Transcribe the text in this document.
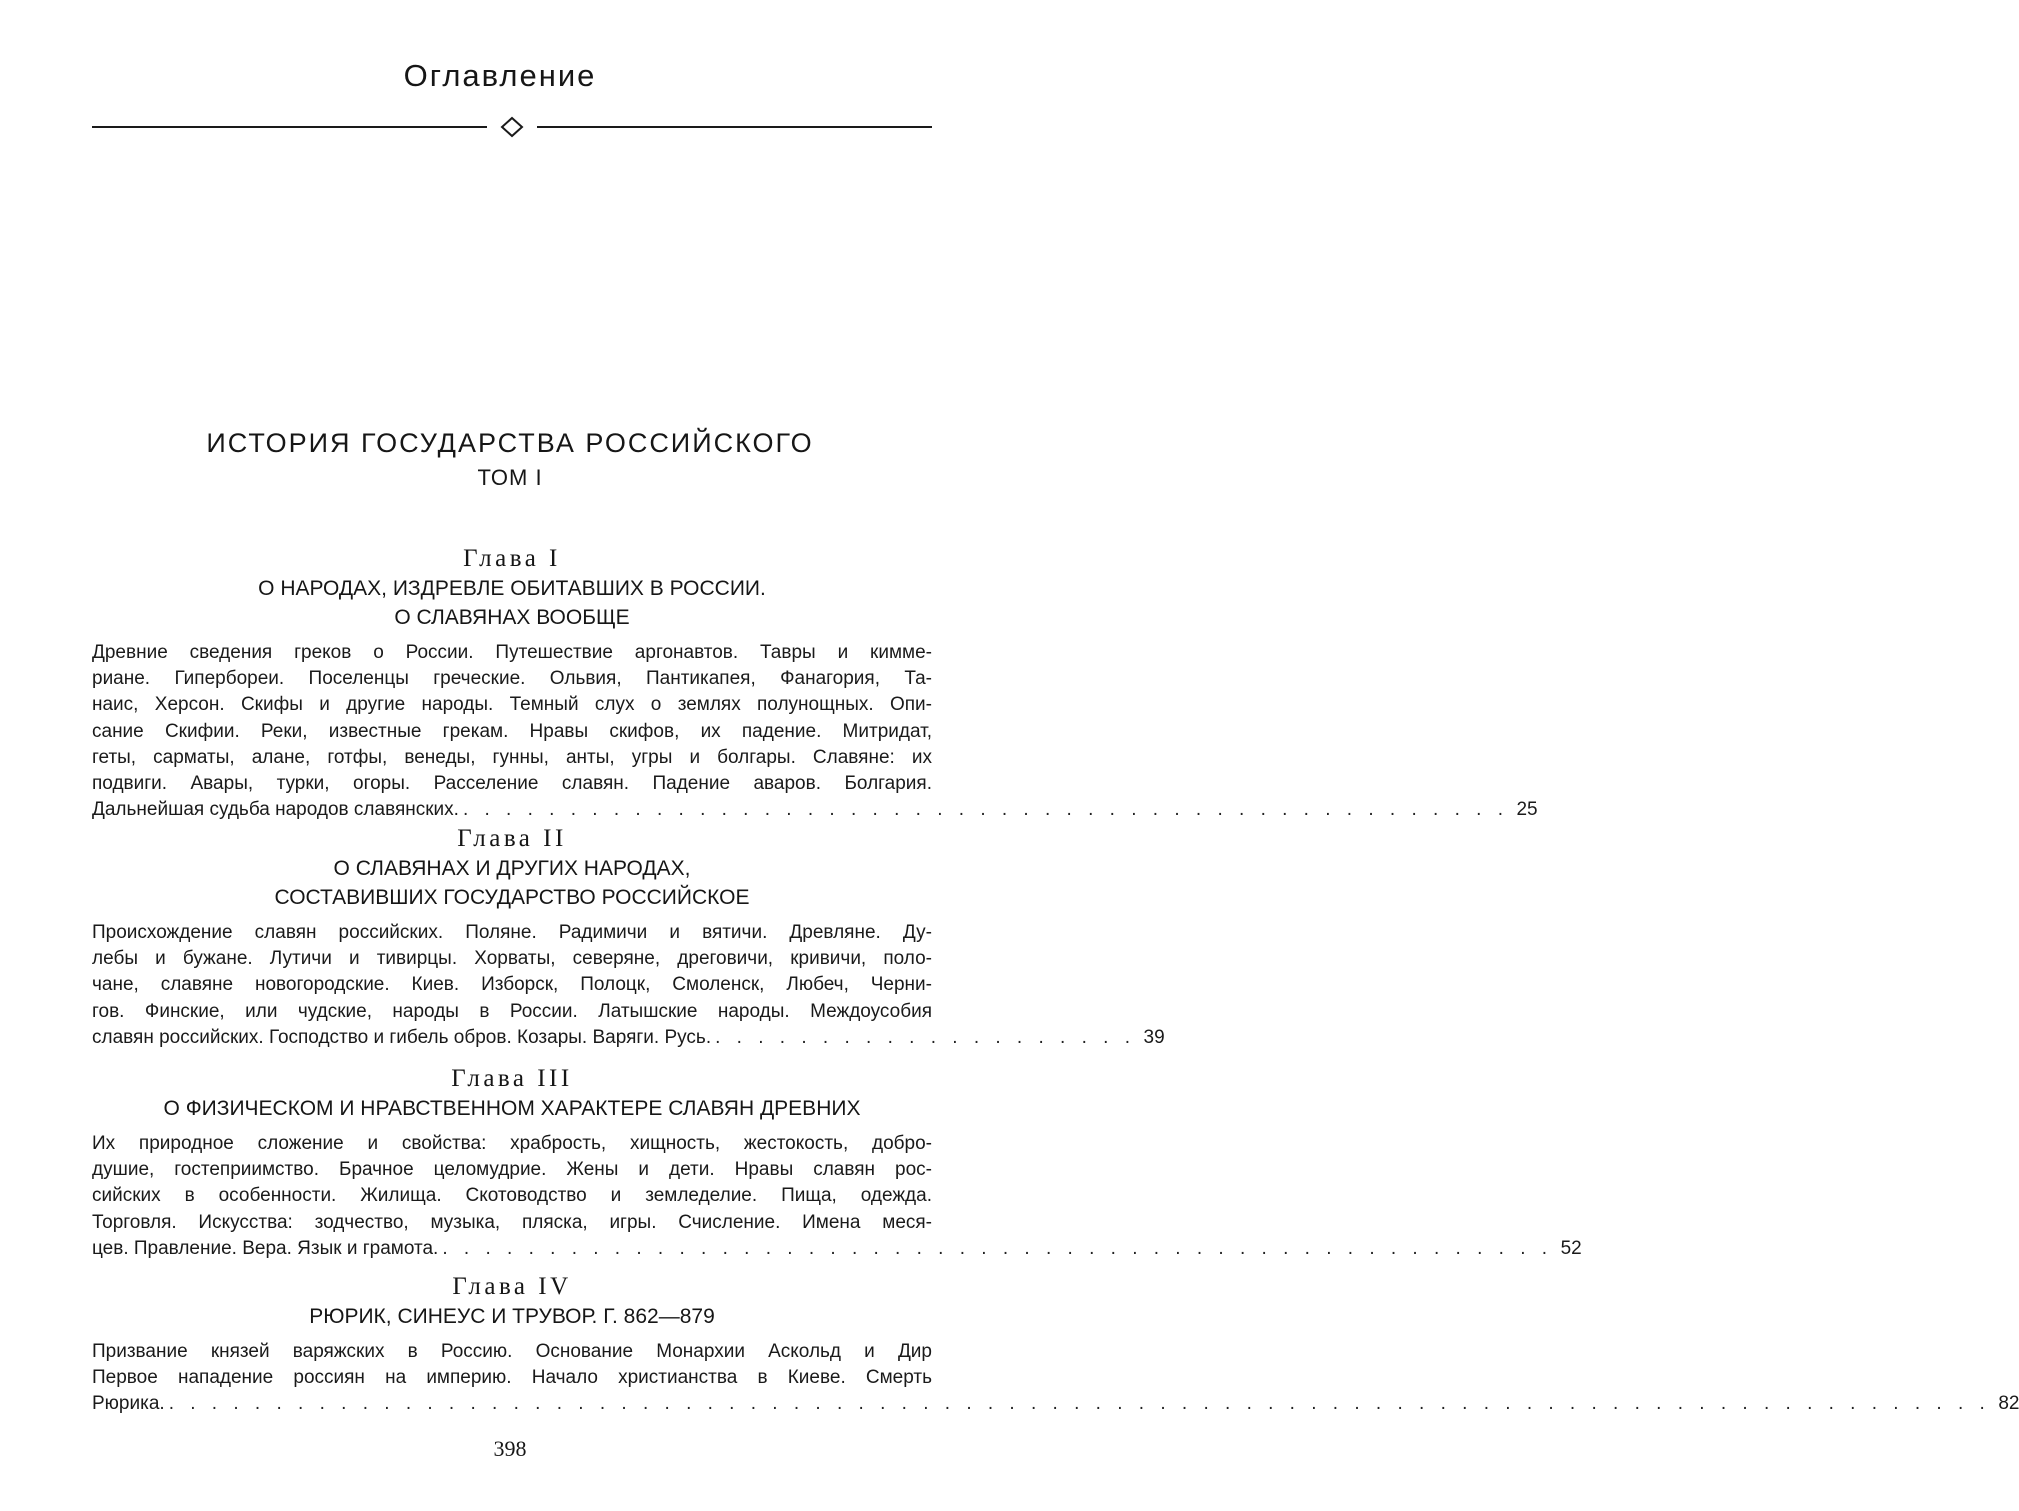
Оглавление
ИСТОРИЯ ГОСУДАРСТВА РОССИЙСКОГО
ТОМ I
Глава I
О НАРОДАХ, ИЗДРЕВЛЕ ОБИТАВШИХ В РОССИИ.
О СЛАВЯНАХ ВООБЩЕ
Древние сведения греков о России. Путешествие аргонавтов. Тавры и кимме-
риане. Гипербореи. Поселенцы греческие. Ольвия, Пантикапея, Фанагория, Та-
наис, Херсон. Скифы и другие народы. Темный слух о землях полунощных. Опи-
сание Скифии. Реки, известные грекам. Нравы скифов, их падение. Митридат,
геты, сарматы, алане, готфы, венеды, гунны, анты, угры и болгары. Славяне: их
подвиги. Авары, турки, огоры. Расселение славян. Падение аваров. Болгария.
Дальнейшая судьба народов славянских. . . . . . . . . . . . . . . . . . . . . . . . . . . . . . . . . . . . . . . . . . . . . . . . . . 25
Глава II
О СЛАВЯНАХ И ДРУГИХ НАРОДАХ,
СОСТАВИВШИХ ГОСУДАРСТВО РОССИЙСКОЕ
Происхождение славян российских. Поляне. Радимичи и вятичи. Древляне. Ду-
лебы и бужане. Лутичи и тивирцы. Хорваты, северяне, дреговичи, кривичи, поло-
чане, славяне новогородские. Киев. Изборск, Полоцк, Смоленск, Любеч, Черни-
гов. Финские, или чудские, народы в России. Латышские народы. Междоусобия
славян российских. Господство и гибель обров. Козары. Варяги. Русь. . . . . . . . . . . . . . . . . . . . . 39
Глава III
О ФИЗИЧЕСКОМ И НРАВСТВЕННОМ ХАРАКТЕРЕ СЛАВЯН ДРЕВНИХ
Их природное сложение и свойства: храбрость, хищность, жестокость, добро-
душие, гостеприимство. Брачное целомудрие. Жены и дети. Нравы славян рос-
сийских в особенности. Жилища. Скотоводство и земледелие. Пища, одежда.
Торговля. Искусства: зодчество, музыка, пляска, игры. Счисление. Имена меся-
цев. Правление. Вера. Язык и грамота. . . . . . . . . . . . . . . . . . . . . . . . . . . . . . . . . . . . . . . . . . . . . . . . . . . . . 52
Глава IV
РЮРИК, СИНЕУС И ТРУВОР. Г. 862—879
Призвание князей варяжских в Россию. Основание Монархии Аскольд и Дир
Первое нападение россиян на империю. Начало христианства в Киеве. Смерть
Рюрика. . . . . . . . . . . . . . . . . . . . . . . . . . . . . . . . . . . . . . . . . . . . . . . . . . . . . . . . . . . . . . . . . . . . . . . . . . . . . . . . . . . . . . 82
398
